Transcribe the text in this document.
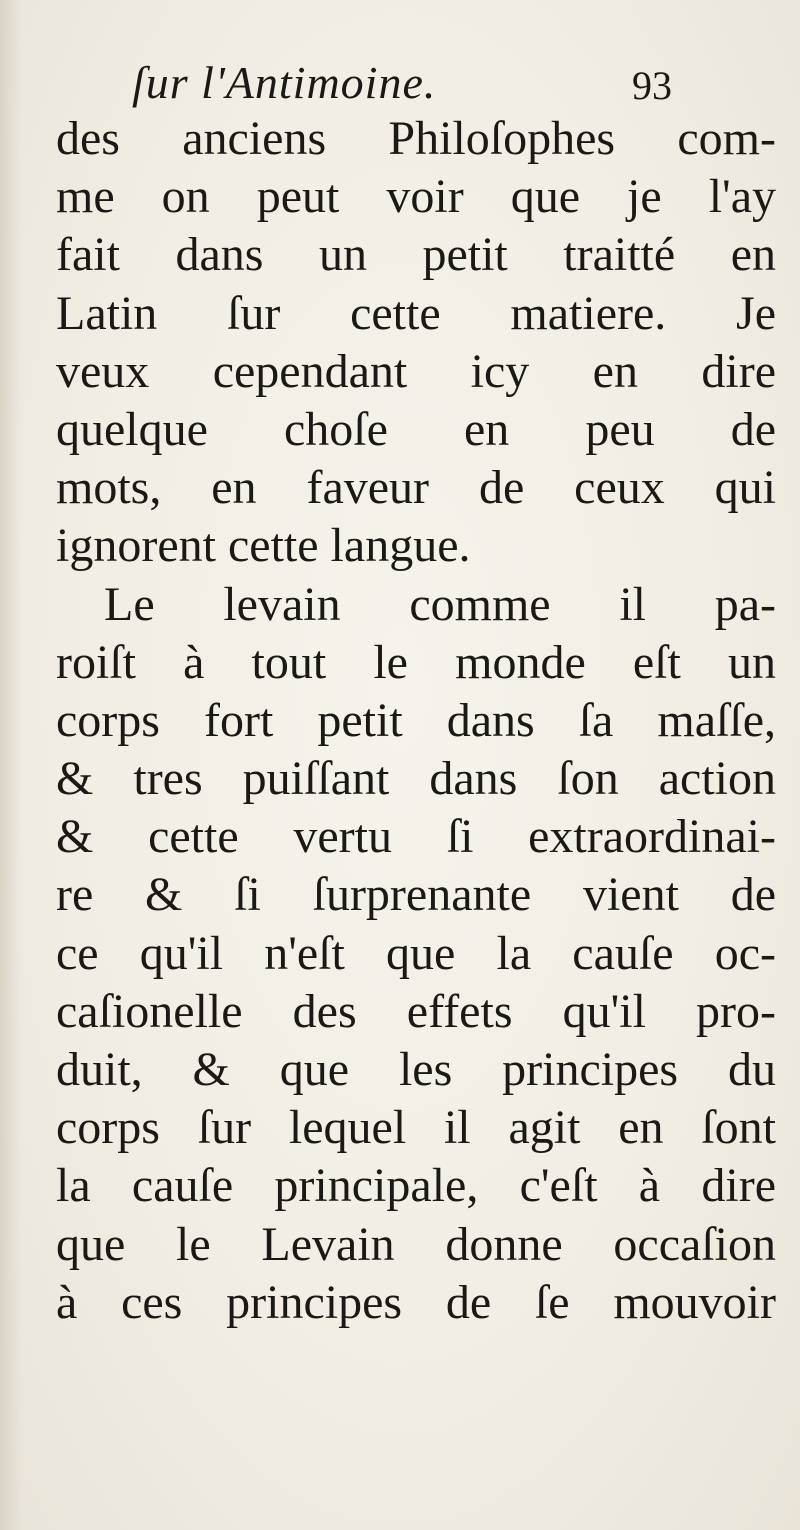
ſur l'Antimoine.	93
des anciens Philoſophes com-
me on peut voir que je l'ay
fait dans un petit traitté en
Latin ſur cette matiere. Je
veux cependant icy en dire
quelque choſe en peu de
mots, en faveur de ceux qui
ignorent cette langue.
Le levain comme il pa-
roiſt à tout le monde eſt un
corps fort petit dans ſa maſſe,
& tres puiſſant dans ſon action
& cette vertu ſi extraordinai-
re & ſi ſurprenante vient de
ce qu'il n'eſt que la cauſe oc-
caſionelle des effets qu'il pro-
duit, & que les principes du
corps ſur lequel il agit en ſont
la cauſe principale, c'eſt à dire
que le Levain donne occaſion
à ces principes de ſe mouvoir
